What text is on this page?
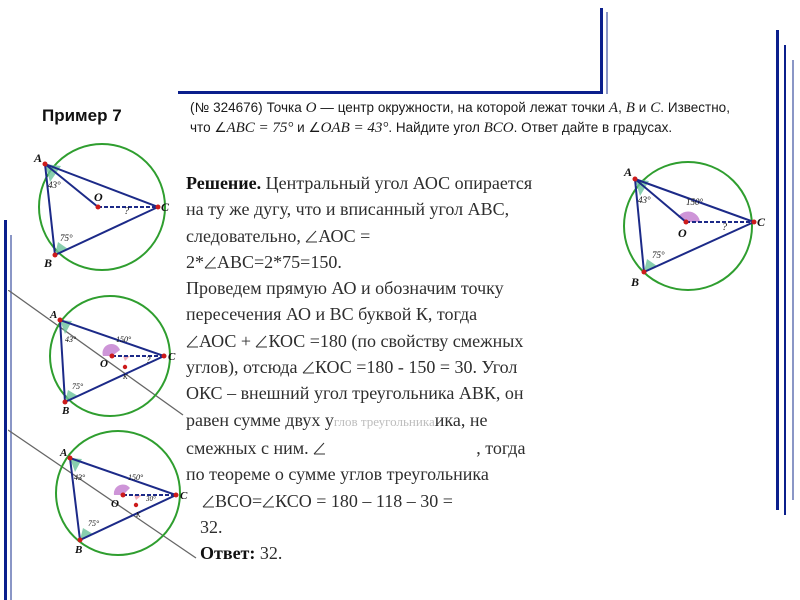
Пример 7	(№ 324676) Точка O — центр окружности, на которой лежат точки A, B и C. Известно, что ∠ABC = 75° и ∠OAB = 43°. Найдите угол BCO. Ответ дайте в градусах.
Решение. Центральный угол АОС опирается
на ту же дугу, что и вписанный угол ABC,
следовательно, АОС =
2* АВС=2*75=150.
Проведем прямую АО и обозначим точку
пересечения АО и ВС буквой К, тогда
АОС + КОС =180 (по свойству смежных
углов), отсюда КОС =180 - 150 = 30. Угол
ОКС – внешний угол треугольника АВК, он
равен сумме двух углов треугольникаика, не
смежных с ним.	, тогда
по теореме о сумме углов треугольника
ВСО= КСО = 180 – 118 – 30 =
32.
Ответ: 32.
A
B
C
O
43°
75°
?
A
B
C
O
K
43°
75°
150°
?
A
B
C
O
K
43°
75°
150°
30°
A
B
C
O
43°
75°
150°
?
